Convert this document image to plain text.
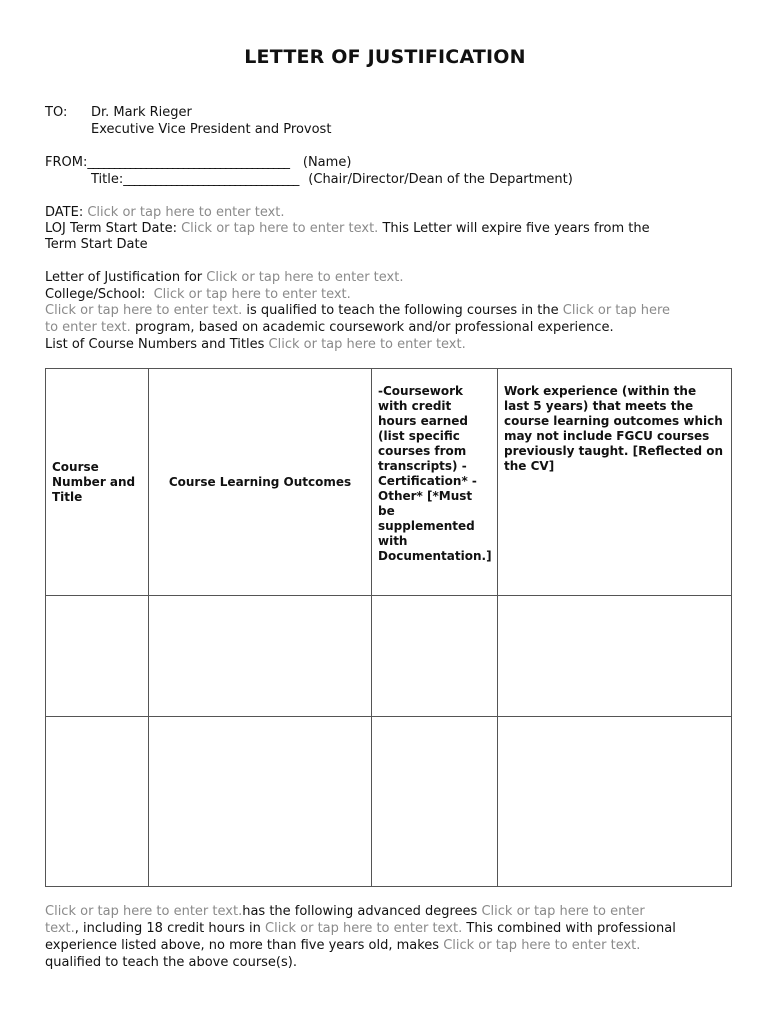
LETTER OF JUSTIFICATION
TO: Dr. Mark Rieger
Executive Vice President and Provost
FROM:______________________________________ (Name)
Title:_________________________________ (Chair/Director/Dean of the Department)
DATE: Click or tap here to enter text.
LOJ Term Start Date: Click or tap here to enter text. This Letter will expire five years from the
Term Start Date
Letter of Justification for Click or tap here to enter text.
College/School: Click or tap here to enter text.
Click or tap here to enter text. is qualified to teach the following courses in the Click or tap here
to enter text. program, based on academic coursework and/or professional experience.
List of Course Numbers and Titles Click or tap here to enter text.
Course Number and Title	Course Learning Outcomes	-Coursework with credit hours earned (list specific courses from transcripts) -Certification* -Other* [*Must be supplemented with Documentation.]	Work experience (within the last 5 years) that meets the course learning outcomes which may not include FGCU courses previously taught. [Reflected on the CV]

Click or tap here to enter text.has the following advanced degrees Click or tap here to enter
text., including 18 credit hours in Click or tap here to enter text. This combined with professional
experience listed above, no more than five years old, makes Click or tap here to enter text.
qualified to teach the above course(s).
